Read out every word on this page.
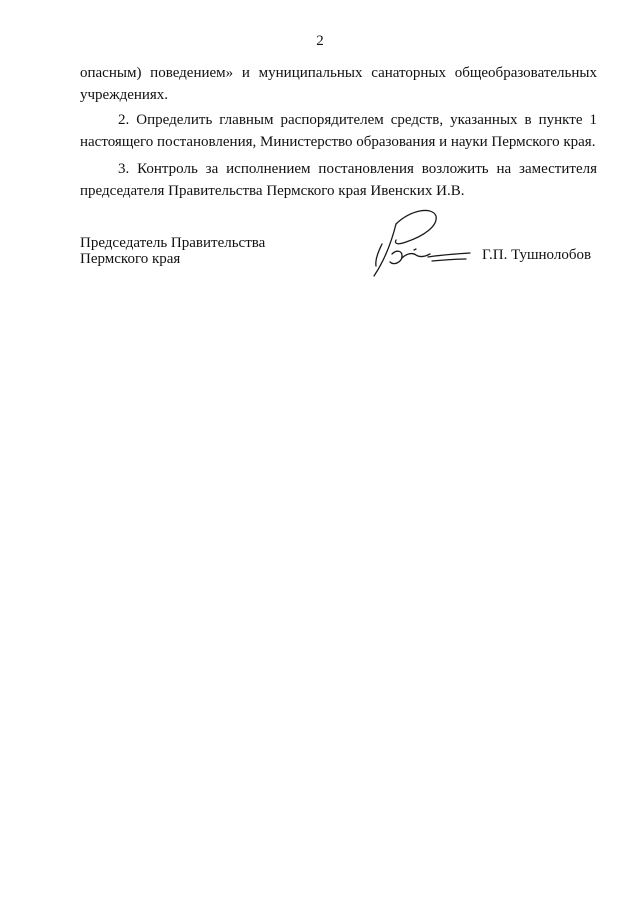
2

опасным) поведением» и муниципальных санаторных общеобразовательных учреждениях.

2. Определить главным распорядителем средств, указанных в пункте 1 настоящего постановления, Министерство образования и науки Пермского края.

3. Контроль за исполнением постановления возложить на заместителя председателя Правительства Пермского края Ивенских И.В.

Председатель Правительства
Пермского края	Г.П. Тушнолобов
